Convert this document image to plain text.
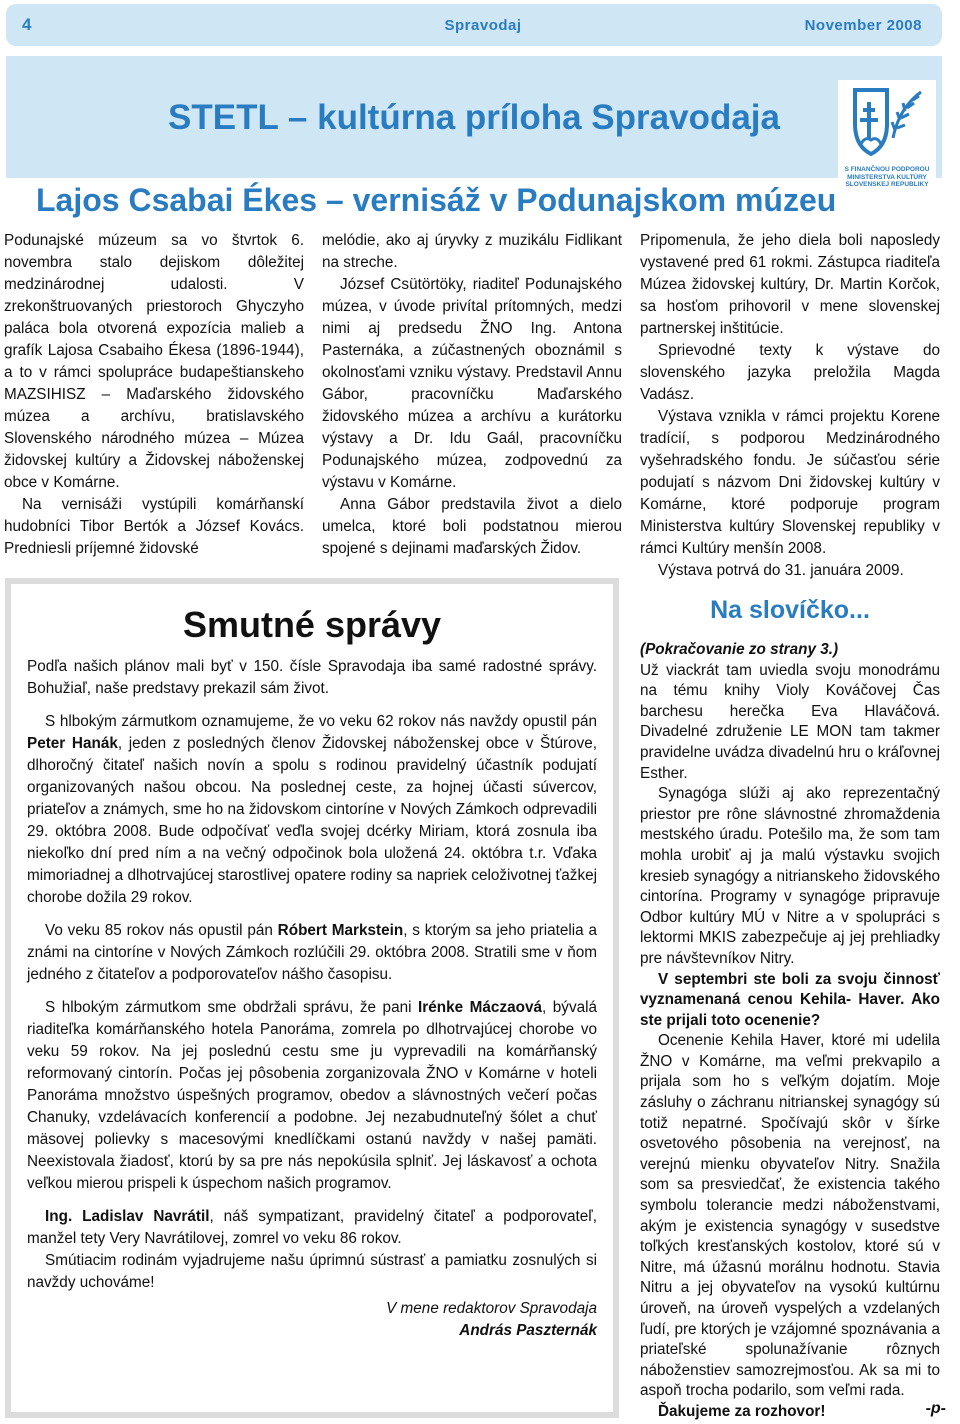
4	Spravodaj	November 2008
STETL – kultúrna príloha Spravodaja
S FINANČNOU PODPOROU MINISTERSTVA KULTÚRY SLOVENSKEJ REPUBLIKY
Lajos Csabai Ékes – vernisáž v Podunajskom múzeu

Podunajské múzeum sa vo štvrtok 6. novembra stalo dejiskom dôležitej medzinárodnej udalosti. V zrekonštruovaných priestoroch Ghyczyho paláca bola otvorená expozícia malieb a grafík Lajosa Csabaiho Ékesa (1896-1944), a to v rámci spolupráce budapeštianskeho MAZSIHISZ – Maďarského židovského múzea a archívu, bratislavského Slovenského národného múzea – Múzea židovskej kultúry a Židovskej náboženskej obce v Komárne.

Na vernisáži vystúpili komárňanskí hudobníci Tibor Bertók a József Kovács. Predniesli príjemné židovské

melódie, ako aj úryvky z muzikálu Fidlikant na streche.

József Csütörtöky, riaditeľ Podunajského múzea, v úvode privítal prítomných, medzi nimi aj predsedu ŽNO Ing. Antona Pasternáka, a zúčastnených oboznámil s okolnosťami vzniku výstavy. Predstavil Annu Gábor, pracovníčku Maďarského židovského múzea a archívu a kurátorku výstavy a Dr. Idu Gaál, pracovníčku Podunajského múzea, zodpovednú za výstavu v Komárne.

Anna Gábor predstavila život a dielo umelca, ktoré boli podstatnou mierou spojené s dejinami maďarských Židov.

Pripomenula, že jeho diela boli naposledy vystavené pred 61 rokmi. Zástupca riaditeľa Múzea židovskej kultúry, Dr. Martin Korčok, sa hosťom prihovoril v mene slovenskej partnerskej inštitúcie.

Sprievodné texty k výstave do slovenského jazyka preložila Magda Vadász.

Výstava vznikla v rámci projektu Korene tradícií, s podporou Medzinárodného vyšehradského fondu. Je súčasťou série podujatí s názvom Dni židovskej kultúry v Komárne, ktoré podporuje program Ministerstva kultúry Slovenskej republiky v rámci Kultúry menšín 2008.

Výstava potrvá do 31. januára 2009.

Smutné správy

Podľa našich plánov mali byť v 150. čísle Spravodaja iba samé radostné správy. Bohužiaľ, naše predstavy prekazil sám život.

S hlbokým zármutkom oznamujeme, že vo veku 62 rokov nás navždy opustil pán Peter Hanák, jeden z posledných členov Židovskej náboženskej obce v Štúrove, dlhoročný čitateľ našich novín a spolu s rodinou pravidelný účastník podujatí organizovaných našou obcou. Na poslednej ceste, za hojnej účasti súvercov, priateľov a známych, sme ho na židovskom cintoríne v Nových Zámkoch odprevadili 29. októbra 2008. Bude odpočívať veďla svojej dcérky Miriam, ktorá zosnula iba niekoľko dní pred ním a na večný odpočinok bola uložená 24. októbra t.r. Vďaka mimoriadnej a dlhotrvajúcej starostlivej opatere rodiny sa napriek celoživotnej ťažkej chorobe dožila 29 rokov.

Vo veku 85 rokov nás opustil pán Róbert Markstein, s ktorým sa jeho priatelia a známi na cintoríne v Nových Zámkoch rozlúčili 29. októbra 2008. Stratili sme v ňom jedného z čitateľov a podporovateľov nášho časopisu.

S hlbokým zármutkom sme obdržali správu, že pani Irénke Máczaová, bývalá riaditeľka komárňanského hotela Panoráma, zomrela po dlhotrvajúcej chorobe vo veku 59 rokov. Na jej poslednú cestu sme ju vyprevadili na komárňanský reformovaný cintorín. Počas jej pôsobenia zorganizovala ŽNO v Komárne v hoteli Panoráma množstvo úspešných programov, obedov a slávnostných večerí počas Chanuky, vzdelávacích konferencií a podobne. Jej nezabudnuteľný šólet a chuť mäsovej polievky s macesovými knedlíčkami ostanú navždy v našej pamäti. Neexistovala žiadosť, ktorú by sa pre nás nepokúsila splniť. Jej láskavosť a ochota veľkou mierou prispeli k úspechom našich programov.

Ing. Ladislav Navrátil, náš sympatizant, pravidelný čitateľ a podporovateľ, manžel tety Very Navrátilovej, zomrel vo veku 86 rokov.

Smútiacim rodinám vyjadrujeme našu úprimnú sústrasť a pamiatku zosnulých si navždy uchováme!

V mene redaktorov Spravodaja
András Paszternák
Na slovíčko...

(Pokračovanie zo strany 3.)

Už viackrát tam uviedla svoju monodrámu na tému knihy Violy Kováčovej Čas barchesu herečka Eva Hlaváčová. Divadelné združenie LE MON tam takmer pravidelne uvádza divadelnú hru o kráľovnej Esther.

Synagóga slúži aj ako reprezentačný priestor pre rône slávnostné zhromaždenia mestského úradu. Potešilo ma, že som tam mohla urobiť aj ja malú výstavku svojich kresieb synagógy a nitrianskeho židovského cintorína. Programy v synagóge pripravuje Odbor kultúry MÚ v Nitre a v spolupráci s lektormi MKIS zabezpečuje aj jej prehliadky pre návštevníkov Nitry.

V septembri ste boli za svoju činnosť vyznamenaná cenou Kehila- Haver. Ako ste prijali toto ocenenie?

Ocenenie Kehila Haver, ktoré mi udelila ŽNO v Komárne, ma veľmi prekvapilo a prijala som ho s veľkým dojatím. Moje zásluhy o záchranu nitrianskej synagógy sú totiž nepatrné. Spočívajú skôr v šírke osvetového pôsobenia na verejnosť, na verejnú mienku obyvateľov Nitry. Snažila som sa presviedčať, že existencia takého symbolu tolerancie medzi náboženstvami, akým je existencia synagógy v susedstve toľkých kresťanských kostolov, ktoré sú v Nitre, má úžasnú morálnu hodnotu. Stavia Nitru a jej obyvateľov na vysokú kultúrnu úroveň, na úroveň vyspelých a vzdelaných ľudí, pre ktorých je vzájomné spoznávania a priateľské spolunažívanie rôznych náboženstiev samozrejmosťou. Ak sa mi to aspoň trocha podarilo, som veľmi rada.

Ďakujeme za rozhovor!	-p-
